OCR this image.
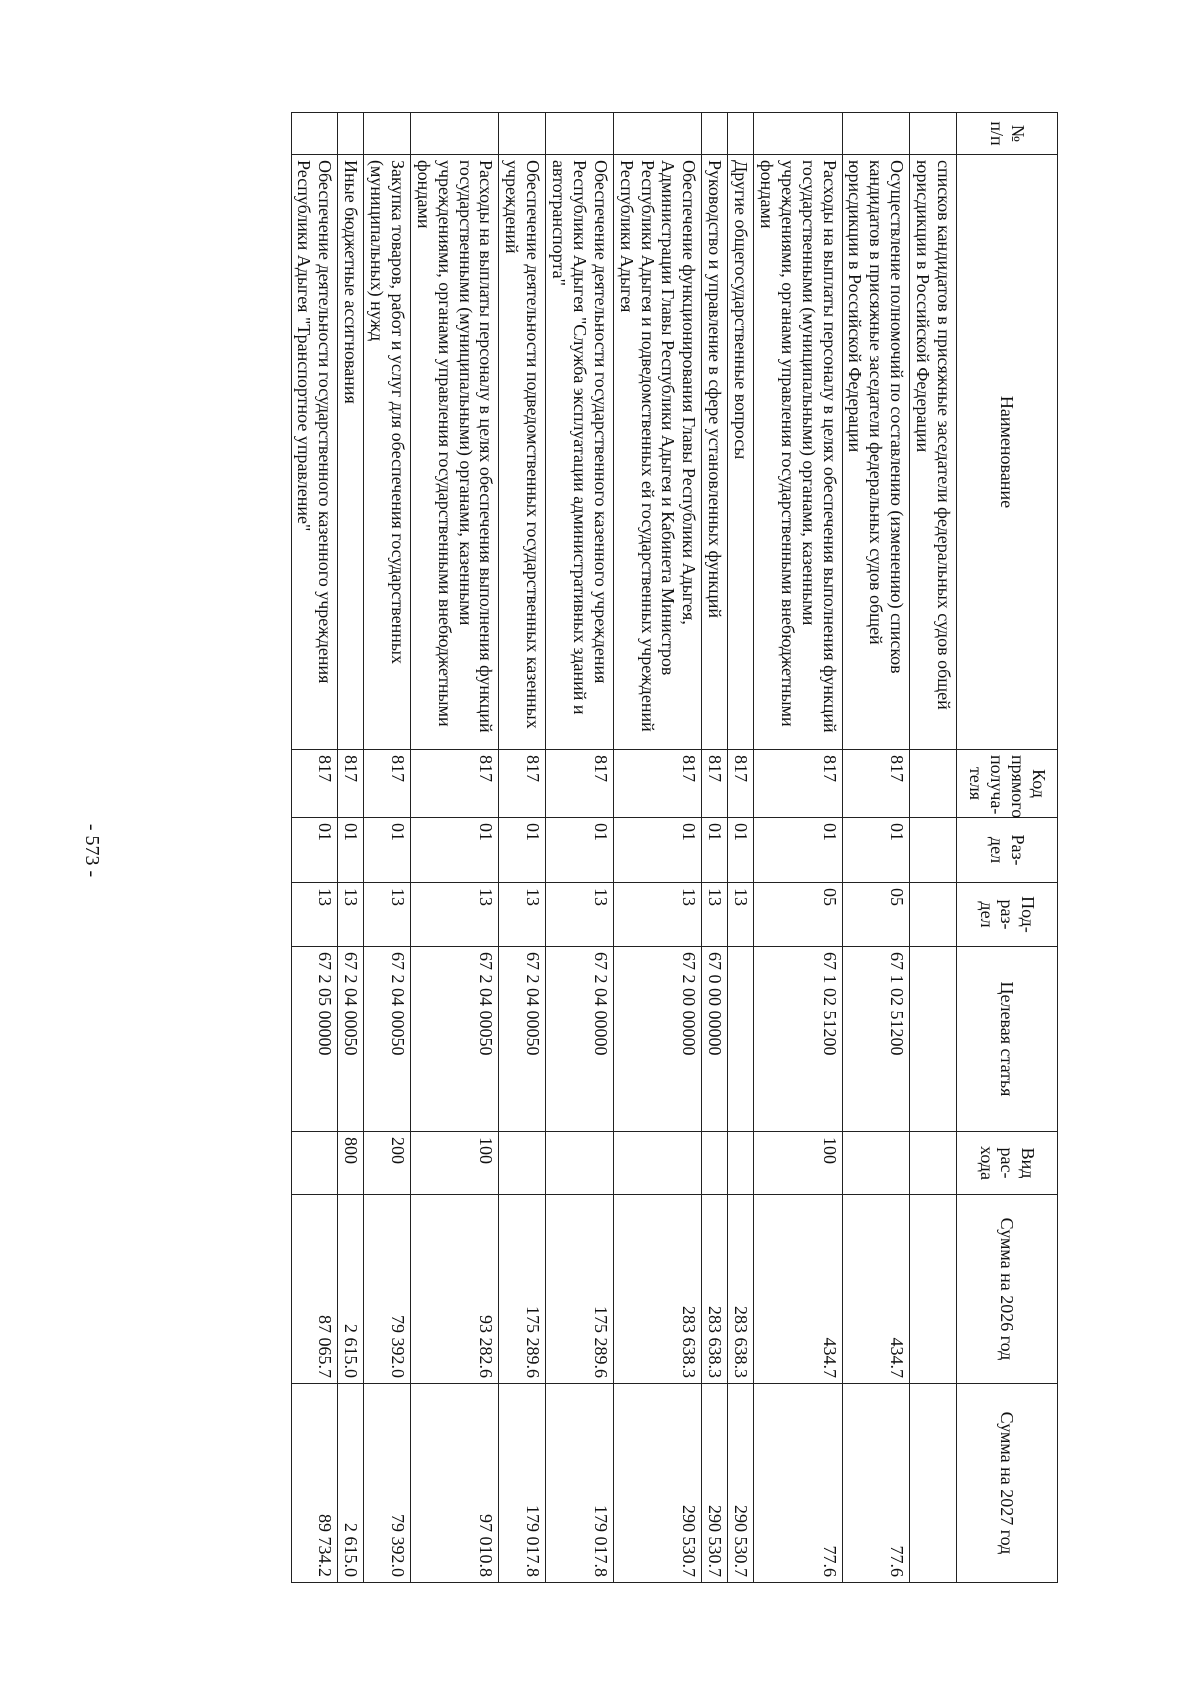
- 573 -
№ п/п	Наименование	Код прямого получа-теля	Раз-дел	Под-раз-дел	Целевая статья	Вид рас-хода	Сумма на 2026 год	Сумма на 2027 год
	списков кандидатов в присяжные заседатели федеральных судов общей юрисдикции в Российской Федерации							
	Осуществление полномочий по составлению (изменению) списков кандидатов в присяжные заседатели федеральных судов общей юрисдикции в Российской Федерации	817	01	05	67 1 02 51200		434.7	77.6
	Расходы на выплаты персоналу в целях обеспечения выполнения функций государственными (муниципальными) органами, казенными учреждениями, органами управления государственными внебюджетными фондами	817	01	05	67 1 02 51200	100	434.7	77.6
	Другие общегосударственные вопросы	817	01	13			283 638.3	290 530.7
	Руководство и управление в сфере установленных функций	817	01	13	67 0 00 00000		283 638.3	290 530.7
	Обеспечение функционирования Главы Республики Адыгея, Администрации Главы Республики Адыгея и Кабинета Министров Республики Адыгея и подведомственных ей государственных учреждений Республики Адыгея	817	01	13	67 2 00 00000		283 638.3	290 530.7
	Обеспечение деятельности государственного казенного учреждения Республики Адыгея "Служба эксплуатации административных зданий и автотранспорта"	817	01	13	67 2 04 00000		175 289.6	179 017.8
	Обеспечение деятельности подведомственных государственных казенных учреждений	817	01	13	67 2 04 00050		175 289.6	179 017.8
	Расходы на выплаты персоналу в целях обеспечения выполнения функций государственными (муниципальными) органами, казенными учреждениями, органами управления государственными внебюджетными фондами	817	01	13	67 2 04 00050	100	93 282.6	97 010.8
	Закупка товаров, работ и услуг для обеспечения государственных (муниципальных) нужд	817	01	13	67 2 04 00050	200	79 392.0	79 392.0
	Иные бюджетные ассигнования	817	01	13	67 2 04 00050	800	2 615.0	2 615.0
	Обеспечение деятельности государственного казенного учреждения Республики Адыгея "Транспортное управление"	817	01	13	67 2 05 00000		87 065.7	89 734.2
